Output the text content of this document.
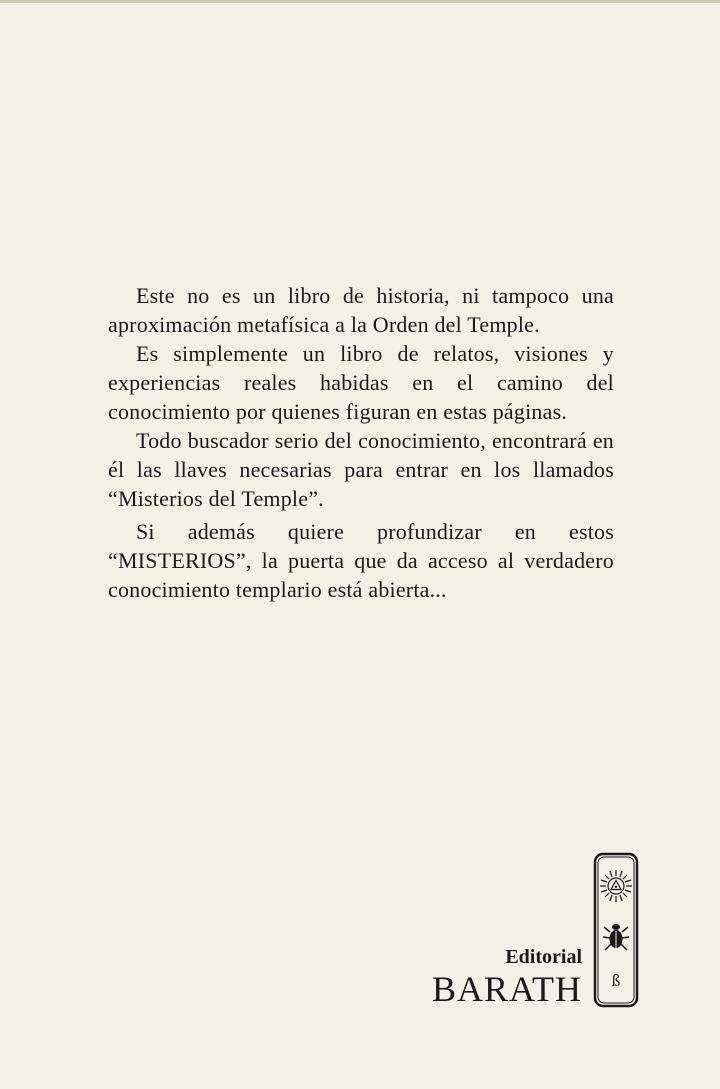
Este no es un libro de historia, ni tampoco una aproximación metafísica a la Orden del Temple.

Es simplemente un libro de relatos, visiones y experiencias reales habidas en el camino del conocimiento por quienes figuran en estas páginas.

Todo buscador serio del conocimiento, encontrará en él las llaves necesarias para entrar en los llamados “Misterios del Temple”.

Si además quiere profundizar en estos “MISTERIOS”, la puerta que da acceso al verdadero conocimiento templario está abierta...

Editorial
BARATH ß
